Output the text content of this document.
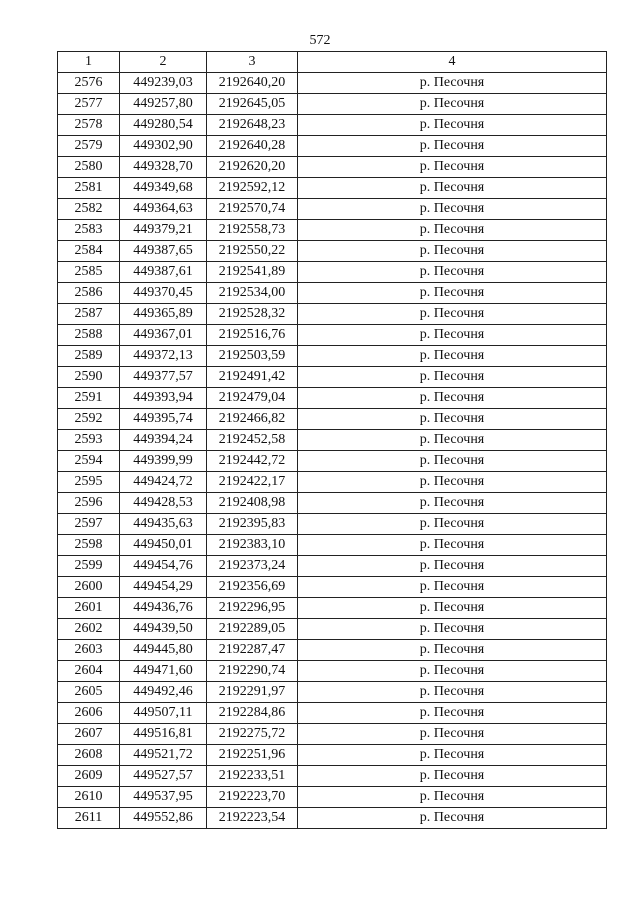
572
1	2	3	4
2576	449239,03	2192640,20	р. Песочня
2577	449257,80	2192645,05	р. Песочня
2578	449280,54	2192648,23	р. Песочня
2579	449302,90	2192640,28	р. Песочня
2580	449328,70	2192620,20	р. Песочня
2581	449349,68	2192592,12	р. Песочня
2582	449364,63	2192570,74	р. Песочня
2583	449379,21	2192558,73	р. Песочня
2584	449387,65	2192550,22	р. Песочня
2585	449387,61	2192541,89	р. Песочня
2586	449370,45	2192534,00	р. Песочня
2587	449365,89	2192528,32	р. Песочня
2588	449367,01	2192516,76	р. Песочня
2589	449372,13	2192503,59	р. Песочня
2590	449377,57	2192491,42	р. Песочня
2591	449393,94	2192479,04	р. Песочня
2592	449395,74	2192466,82	р. Песочня
2593	449394,24	2192452,58	р. Песочня
2594	449399,99	2192442,72	р. Песочня
2595	449424,72	2192422,17	р. Песочня
2596	449428,53	2192408,98	р. Песочня
2597	449435,63	2192395,83	р. Песочня
2598	449450,01	2192383,10	р. Песочня
2599	449454,76	2192373,24	р. Песочня
2600	449454,29	2192356,69	р. Песочня
2601	449436,76	2192296,95	р. Песочня
2602	449439,50	2192289,05	р. Песочня
2603	449445,80	2192287,47	р. Песочня
2604	449471,60	2192290,74	р. Песочня
2605	449492,46	2192291,97	р. Песочня
2606	449507,11	2192284,86	р. Песочня
2607	449516,81	2192275,72	р. Песочня
2608	449521,72	2192251,96	р. Песочня
2609	449527,57	2192233,51	р. Песочня
2610	449537,95	2192223,70	р. Песочня
2611	449552,86	2192223,54	р. Песочня
